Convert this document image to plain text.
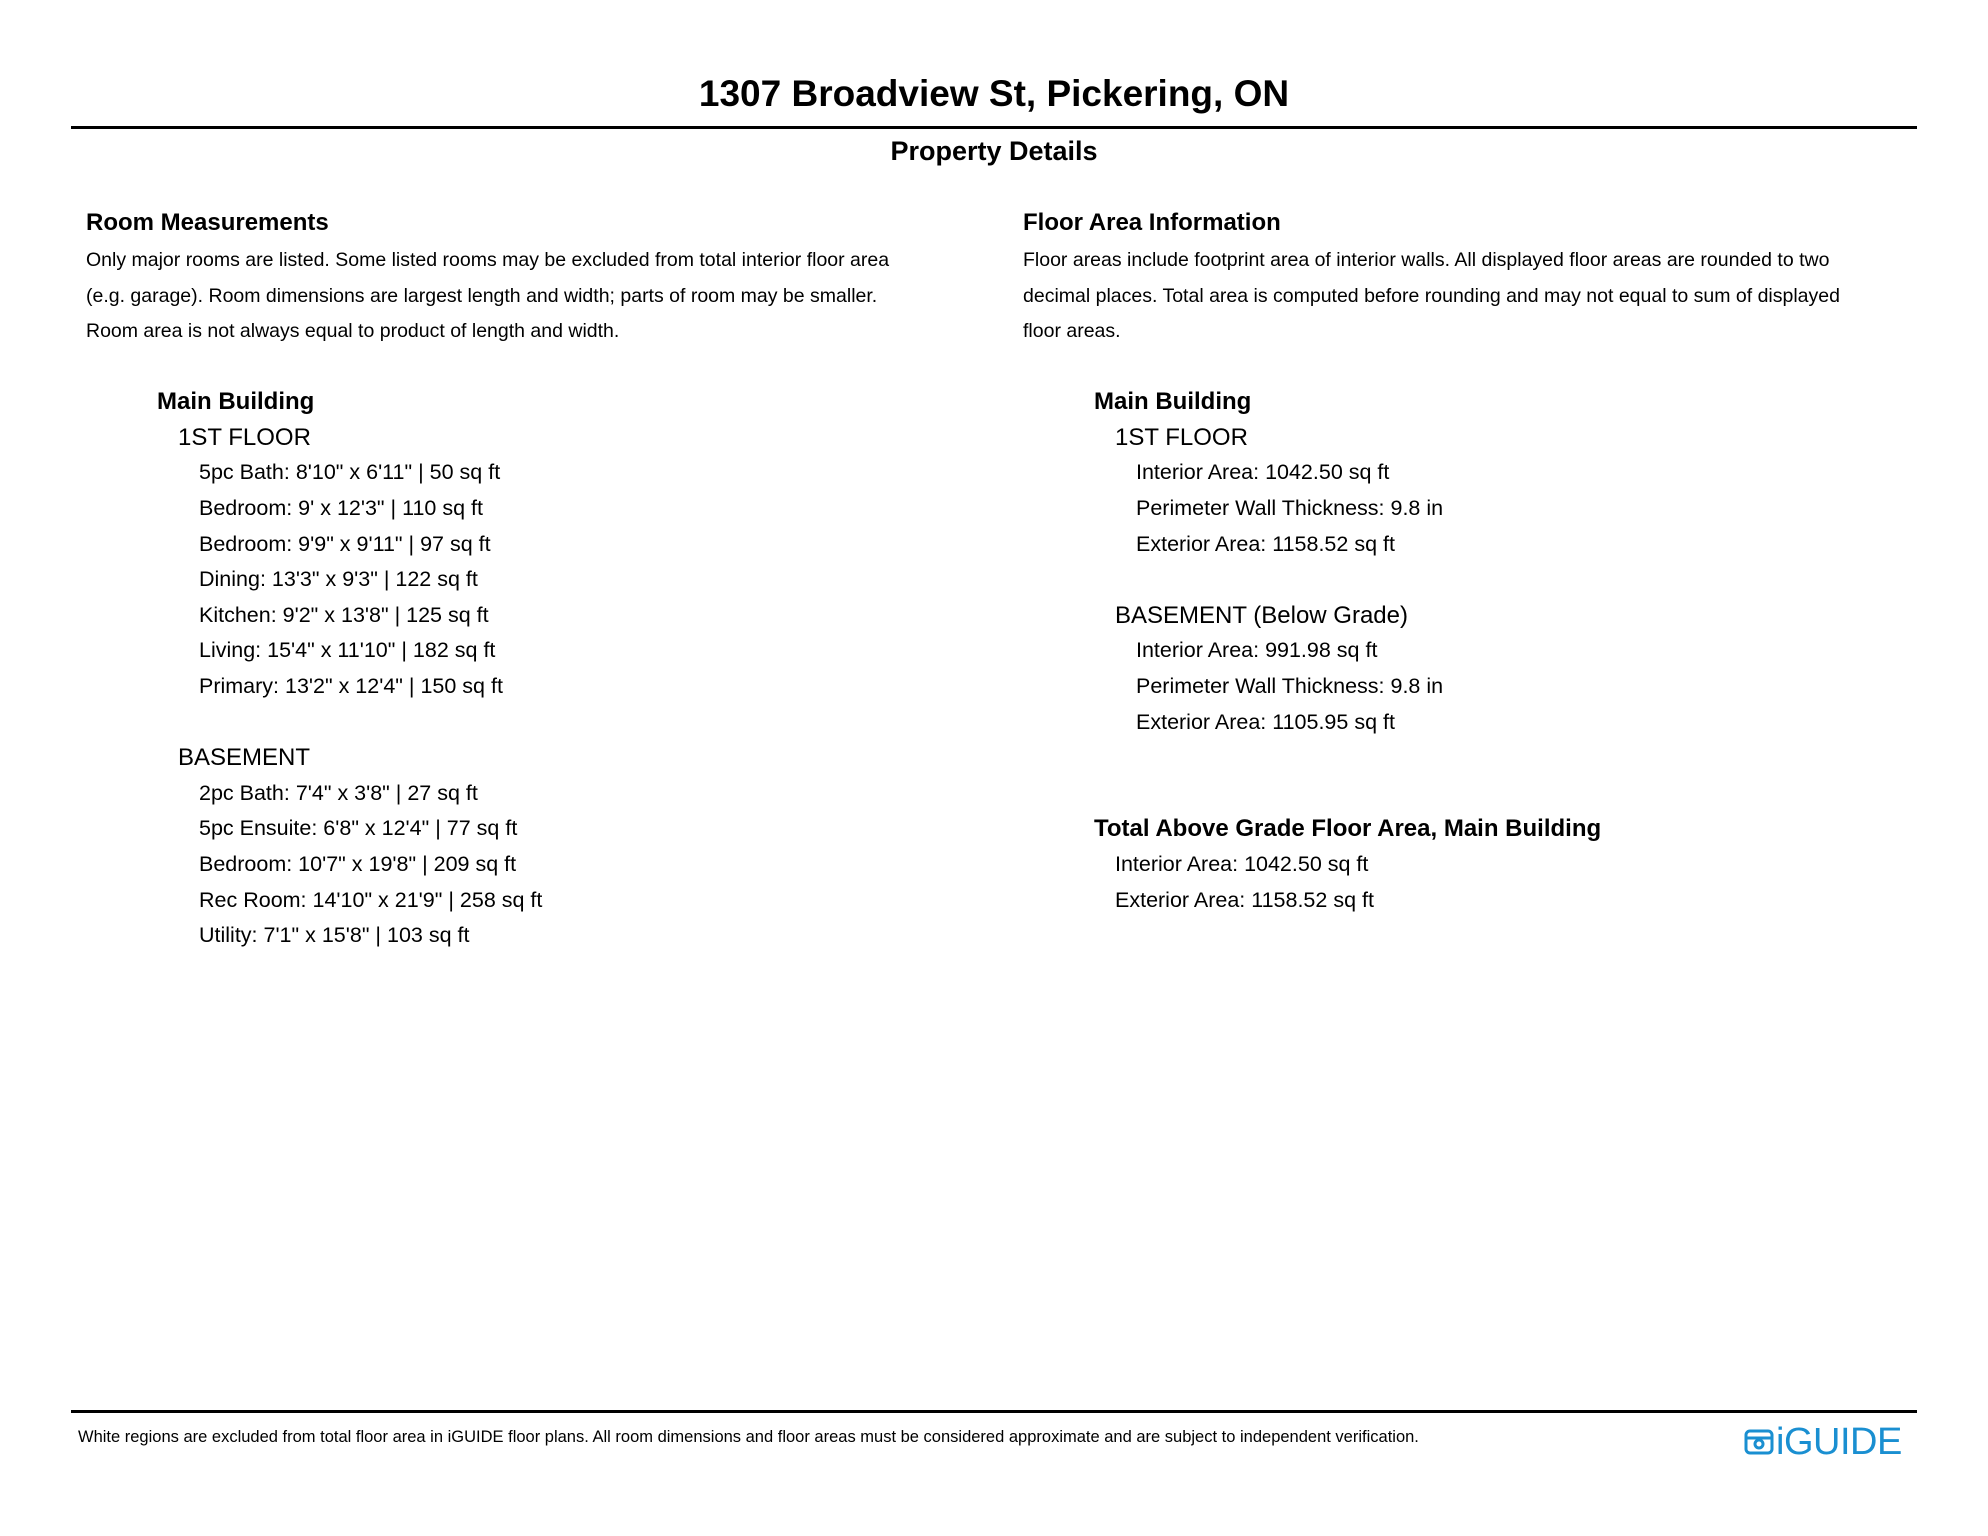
1307 Broadview St, Pickering, ON
Property Details
Room Measurements
Only major rooms are listed. Some listed rooms may be excluded from total interior floor area
(e.g. garage). Room dimensions are largest length and width; parts of room may be smaller.
Room area is not always equal to product of length and width.
Main Building
1ST FLOOR
5pc Bath: 8'10" x 6'11" | 50 sq ft
Bedroom: 9' x 12'3" | 110 sq ft
Bedroom: 9'9" x 9'11" | 97 sq ft
Dining: 13'3" x 9'3" | 122 sq ft
Kitchen: 9'2" x 13'8" | 125 sq ft
Living: 15'4" x 11'10" | 182 sq ft
Primary: 13'2" x 12'4" | 150 sq ft
BASEMENT
2pc Bath: 7'4" x 3'8" | 27 sq ft
5pc Ensuite: 6'8" x 12'4" | 77 sq ft
Bedroom: 10'7" x 19'8" | 209 sq ft
Rec Room: 14'10" x 21'9" | 258 sq ft
Utility: 7'1" x 15'8" | 103 sq ft
Floor Area Information
Floor areas include footprint area of interior walls. All displayed floor areas are rounded to two
decimal places. Total area is computed before rounding and may not equal to sum of displayed
floor areas.
Main Building
1ST FLOOR
Interior Area: 1042.50 sq ft
Perimeter Wall Thickness: 9.8 in
Exterior Area: 1158.52 sq ft
BASEMENT (Below Grade)
Interior Area: 991.98 sq ft
Perimeter Wall Thickness: 9.8 in
Exterior Area: 1105.95 sq ft
Total Above Grade Floor Area, Main Building
Interior Area: 1042.50 sq ft
Exterior Area: 1158.52 sq ft
White regions are excluded from total floor area in iGUIDE floor plans. All room dimensions and floor areas must be considered approximate and are subject to independent verification.	iGUIDE
